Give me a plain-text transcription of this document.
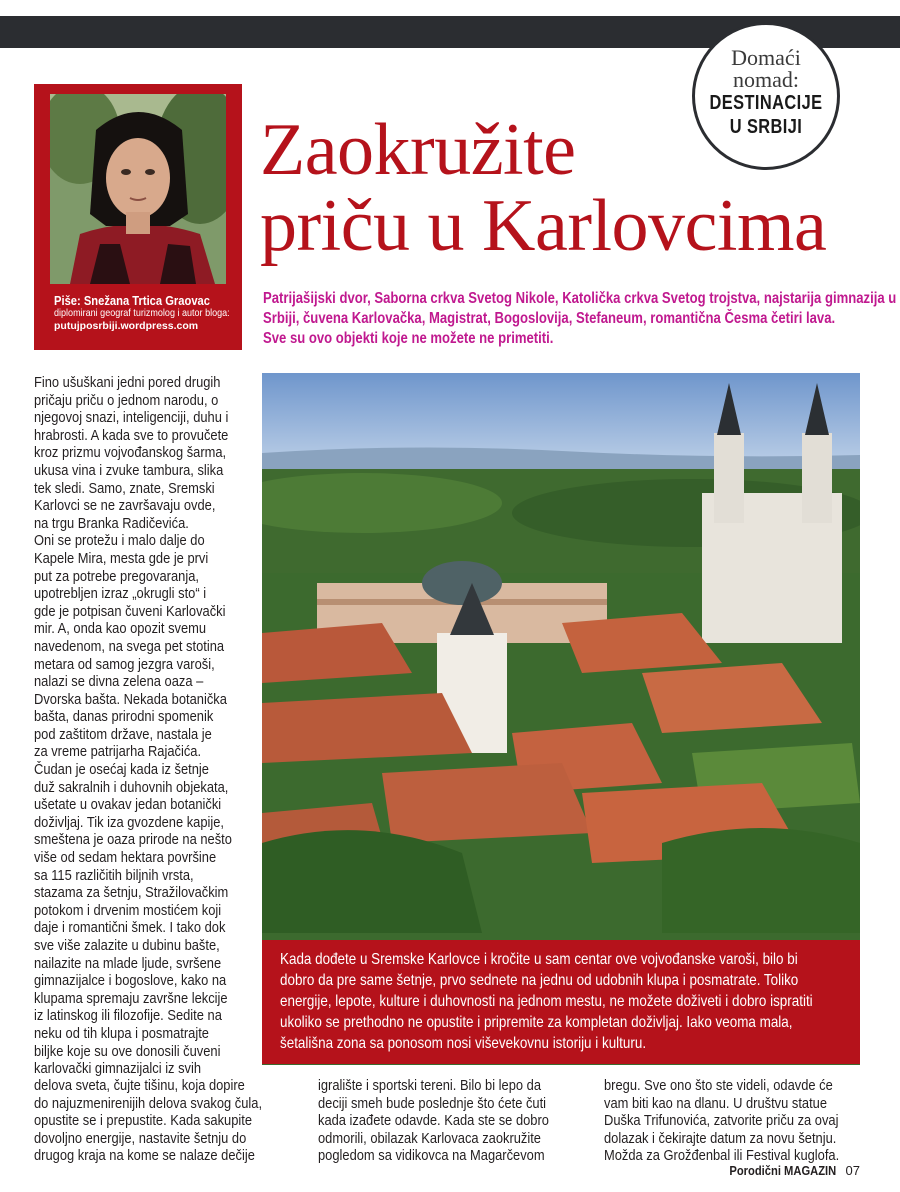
Domaći
nomad:
DESTINACIJE
U SRBIJI
Piše: Snežana Trtica Graovac
diplomirani geograf turizmolog i autor bloga:
putujposrbiji.wordpress.com
Zaokružite
priču u Karlovcima
Patrijašijski dvor, Saborna crkva Svetog Nikole, Katolička crkva Svetog trojstva, najstarija gimnazija u
Srbiji, čuvena Karlovačka, Magistrat, Bogoslovija, Stefaneum, romantična Česma četiri lava.
Sve su ovo objekti koje ne možete ne primetiti.
Kada dođete u Sremske Karlovce i kročite u sam centar ove vojvođanske varoši, bilo bi
dobro da pre same šetnje, prvo sednete na jednu od udobnih klupa i posmatrate. Toliko
energije, lepote, kulture i duhovnosti na jednom mestu, ne možete doživeti i dobro ispratiti
ukoliko se prethodno ne opustite i pripremite za kompletan doživljaj. Iako veoma mala,
šetališna zona sa ponosom nosi viševekovnu istoriju i kulturu.
Fino ušuškani jedni pored drugih
pričaju priču o jednom narodu, o
njegovoj snazi, inteligenciji, duhu i
hrabrosti. A kada sve to provučete
kroz prizmu vojvođanskog šarma,
ukusa vina i zvuke tambura, slika
tek sledi. Samo, znate, Sremski
Karlovci se ne završavaju ovde,
na trgu Branka Radičevića.
Oni se protežu i malo dalje do
Kapele Mira, mesta gde je prvi
put za potrebe pregovaranja,
upotrebljen izraz „okrugli sto“ i
gde je potpisan čuveni Karlovački
mir. A, onda kao opozit svemu
navedenom, na svega pet stotina
metara od samog jezgra varoši,
nalazi se divna zelena oaza –
Dvorska bašta. Nekada botanička
bašta, danas prirodni spomenik
pod zaštitom države, nastala je
za vreme patrijarha Rajačića.
Čudan je osećaj kada iz šetnje
duž sakralnih i duhovnih objekata,
ušetate u ovakav jedan botanički
doživljaj. Tik iza gvozdene kapije,
smeštena je oaza prirode na nešto
više od sedam hektara površine
sa 115 različitih biljnih vrsta,
stazama za šetnju, Stražilovačkim
potokom i drvenim mostićem koji
daje i romantični šmek. I tako dok
sve više zalazite u dubinu bašte,
nailazite na mlade ljude, svršene
gimnazijalce i bogoslove, kako na
klupama spremaju završne lekcije
iz latinskog ili filozofije. Sedite na
neku od tih klupa i posmatrajte
biljke koje su ove donosili čuveni
karlovački gimnazijalci iz svih
delova sveta, čujte tišinu, koja dopire
do najuzmenirenijih delova svakog čula,
opustite se i prepustite. Kada sakupite
dovoljno energije, nastavite šetnju do
drugog kraja na kome se nalaze dečije
igralište i sportski tereni. Bilo bi lepo da
deciji smeh bude poslednje što ćete čuti
kada izađete odavde. Kada ste se dobro
odmorili, obilazak Karlovaca zaokružite
pogledom sa vidikovca na Magarčevom
bregu. Sve ono što ste videli, odavde će
vam biti kao na dlanu. U društvu statue
Duška Trifunovića, zatvorite priču za ovaj
dolazak i čekirajte datum za novu šetnju.
Možda za Grožđenbal ili Festival kuglofa.
Porodični MAGAZIN 07
